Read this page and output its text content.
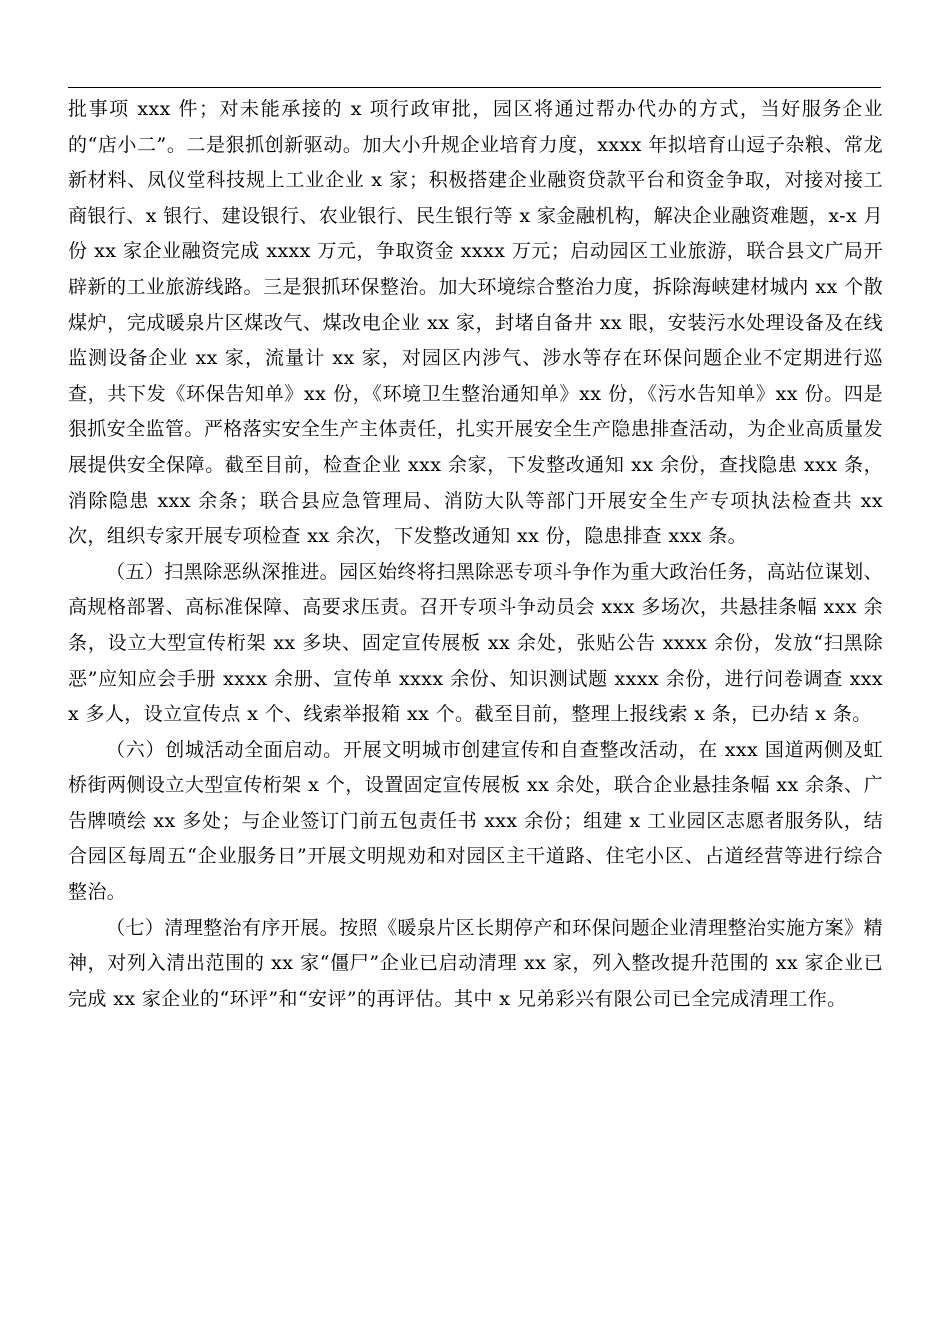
批事项 xxx 件；对未能承接的 x 项行政审批，园区将通过帮办代办的方式，当好服务企业的“店小二”。二是狠抓创新驱动。加大小升规企业培育力度，xxxx 年拟培育山逗子杂粮、常龙新材料、凤仪堂科技规上工业企业 x 家；积极搭建企业融资贷款平台和资金争取，对接对接工商银行、x 银行、建设银行、农业银行、民生银行等 x 家金融机构，解决企业融资难题，x-x 月份 xx 家企业融资完成 xxxx 万元，争取资金 xxxx 万元；启动园区工业旅游，联合县文广局开辟新的工业旅游线路。三是狠抓环保整治。加大环境综合整治力度，拆除海峡建材城内 xx 个散煤炉，完成暖泉片区煤改气、煤改电企业 xx 家，封堵自备井 xx 眼，安装污水处理设备及在线监测设备企业 xx 家，流量计 xx 家，对园区内涉气、涉水等存在环保问题企业不定期进行巡查，共下发《环保告知单》xx 份，《环境卫生整治通知单》xx 份，《污水告知单》xx 份。四是狠抓安全监管。严格落实安全生产主体责任，扎实开展安全生产隐患排查活动，为企业高质量发展提供安全保障。截至目前，检查企业 xxx 余家，下发整改通知 xx 余份，查找隐患 xxx 条，消除隐患 xxx 余条；联合县应急管理局、消防大队等部门开展安全生产专项执法检查共 xx 次，组织专家开展专项检查 xx 余次，下发整改通知 xx 份，隐患排查 xxx 条。

（五）扫黑除恶纵深推进。园区始终将扫黑除恶专项斗争作为重大政治任务，高站位谋划、高规格部署、高标准保障、高要求压责。召开专项斗争动员会 xxx 多场次，共悬挂条幅 xxx 余条，设立大型宣传桁架 xx 多块、固定宣传展板 xx 余处，张贴公告 xxxx 余份，发放“扫黑除恶”应知应会手册 xxxx 余册、宣传单 xxxx 余份、知识测试题 xxxx 余份，进行问卷调查 xxxx 多人，设立宣传点 x 个、线索举报箱 xx 个。截至目前，整理上报线索 x 条，已办结 x 条。

（六）创城活动全面启动。开展文明城市创建宣传和自查整改活动，在 xxx 国道两侧及虹桥街两侧设立大型宣传桁架 x 个，设置固定宣传展板 xx 余处，联合企业悬挂条幅 xx 余条、广告牌喷绘 xx 多处；与企业签订门前五包责任书 xxx 余份；组建 x 工业园区志愿者服务队，结合园区每周五“企业服务日”开展文明规劝和对园区主干道路、住宅小区、占道经营等进行综合整治。

（七）清理整治有序开展。按照《暖泉片区长期停产和环保问题企业清理整治实施方案》精神，对列入清出范围的 xx 家“僵尸”企业已启动清理 xx 家，列入整改提升范围的 xx 家企业已完成 xx 家企业的“环评”和“安评”的再评估。其中 x 兄弟彩兴有限公司已全完成清理工作。
